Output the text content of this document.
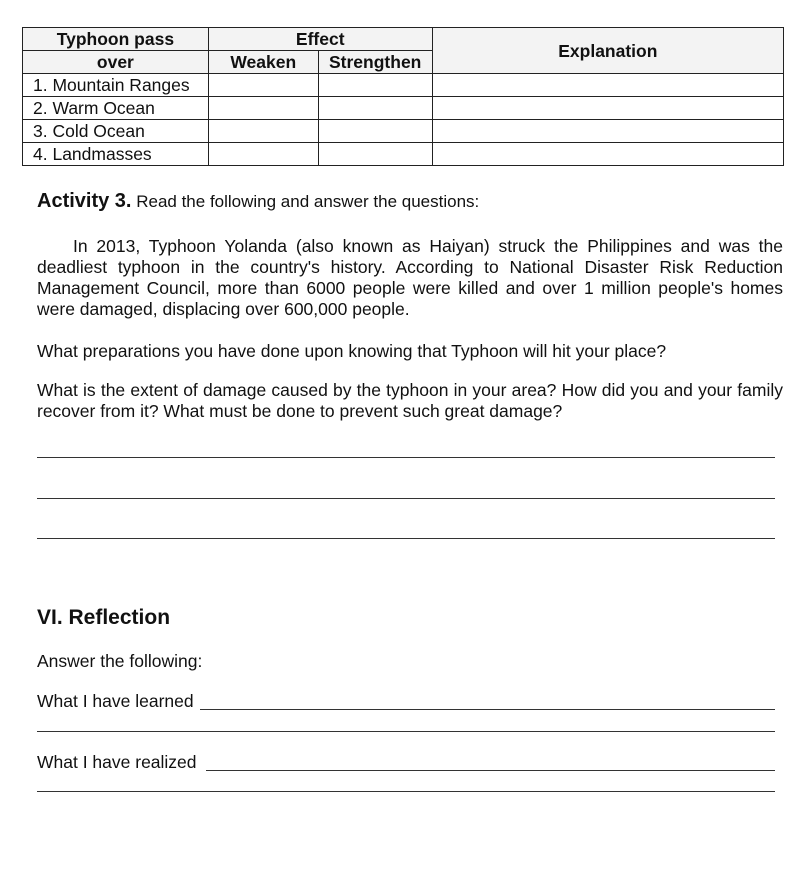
Typhoon pass	Effect		Explanation
over	Weaken	Strengthen	
1. Mountain Ranges			
2. Warm Ocean			
3. Cold Ocean			
4. Landmasses			
Activity 3. Read the following and answer the questions:
In 2013, Typhoon Yolanda (also known as Haiyan) struck the Philippines and was the deadliest typhoon in the country's history. According to National Disaster Risk Reduction Management Council, more than 6000 people were killed and over 1 million people's homes were damaged, displacing over 600,000 people.
What preparations you have done upon knowing that Typhoon will hit your place?
What is the extent of damage caused by the typhoon in your area? How did you and your family recover from it? What must be done to prevent such great damage?
VI. Reflection
Answer the following:
What I have learned
What I have realized
